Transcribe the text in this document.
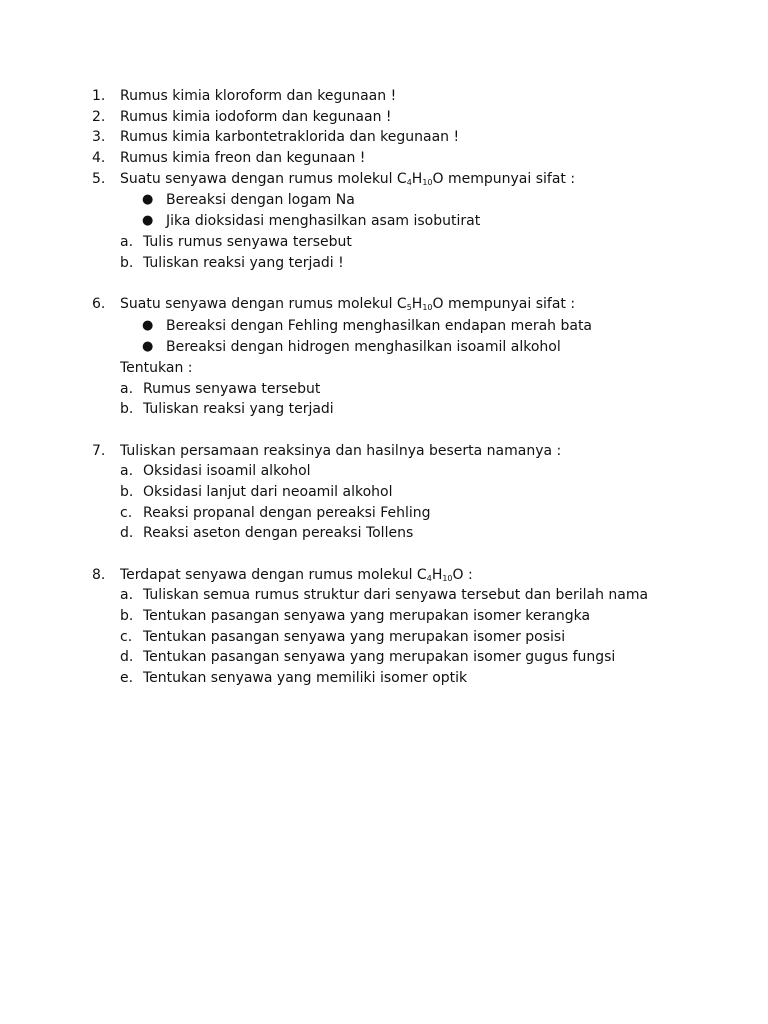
1. Rumus kimia kloroform dan kegunaan !
2. Rumus kimia iodoform dan kegunaan !
3. Rumus kimia karbontetraklorida dan kegunaan !
4. Rumus kimia freon dan kegunaan !
5. Suatu senyawa dengan rumus molekul $C_4H_{10}O$ mempunyai sifat :
● Bereaksi dengan logam Na
● Jika dioksidasi menghasilkan asam isobutirat
a. Tulis rumus senyawa tersebut
b. Tuliskan reaksi yang terjadi !
6. Suatu senyawa dengan rumus molekul $C_5H_{10}O$ mempunyai sifat :
● Bereaksi dengan Fehling menghasilkan endapan merah bata
● Bereaksi dengan hidrogen menghasilkan isoamil alkohol
Tentukan :
a. Rumus senyawa tersebut
b. Tuliskan reaksi yang terjadi
7. Tuliskan persamaan reaksinya dan hasilnya beserta namanya :
a. Oksidasi isoamil alkohol
b. Oksidasi lanjut dari neoamil alkohol
c. Reaksi propanal dengan pereaksi Fehling
d. Reaksi aseton dengan pereaksi Tollens
8. Terdapat senyawa dengan rumus molekul $C_4H_{10}O$ :
a. Tuliskan semua rumus struktur dari senyawa tersebut dan berilah nama
b. Tentukan pasangan senyawa yang merupakan isomer kerangka
c. Tentukan pasangan senyawa yang merupakan isomer posisi
d. Tentukan pasangan senyawa yang merupakan isomer gugus fungsi
e. Tentukan senyawa yang memiliki isomer optik
